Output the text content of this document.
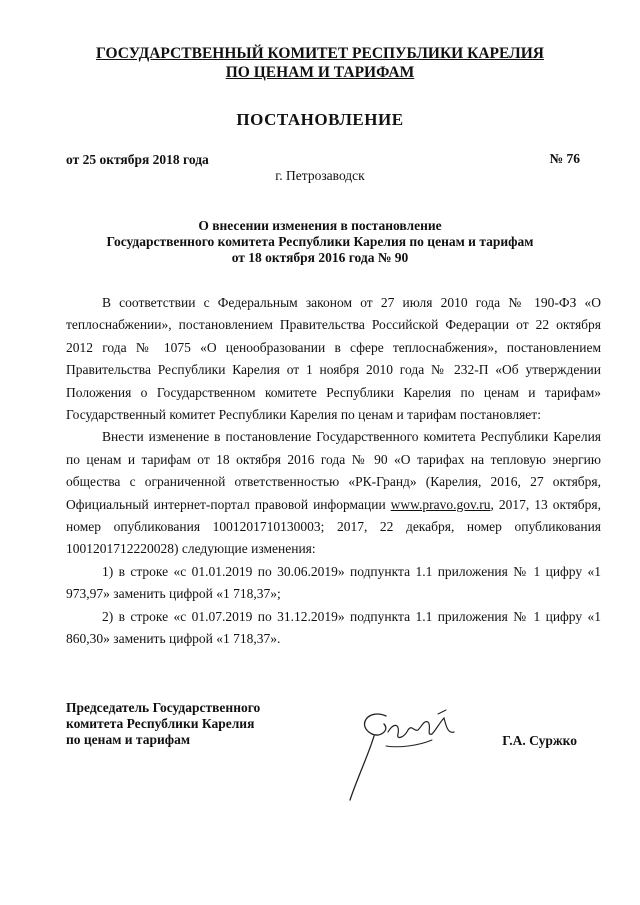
ГОСУДАРСТВЕННЫЙ КОМИТЕТ РЕСПУБЛИКИ КАРЕЛИЯ
ПО ЦЕНАМ И ТАРИФАМ
ПОСТАНОВЛЕНИЕ
от 25 октября 2018 года	№ 76
г. Петрозаводск
О внесении изменения в постановление
Государственного комитета Республики Карелия по ценам и тарифам
от 18 октября 2016 года № 90

В соответствии с Федеральным законом от 27 июля 2010 года № 190-ФЗ «О теплоснабжении», постановлением Правительства Российской Федерации от 22 октября 2012 года № 1075 «О ценообразовании в сфере теплоснабжения», постановлением Правительства Республики Карелия от 1 ноября 2010 года № 232-П «Об утверждении Положения о Государственном комитете Республики Карелия по ценам и тарифам» Государственный комитет Республики Карелия по ценам и тарифам постановляет:

Внести изменение в постановление Государственного комитета Республики Карелия по ценам и тарифам от 18 октября 2016 года № 90 «О тарифах на тепловую энергию общества с ограниченной ответственностью «РК-Гранд» (Карелия, 2016, 27 октября, Официальный интернет-портал правовой информации www.pravo.gov.ru, 2017, 13 октября, номер опубликования 1001201710130003; 2017, 22 декабря, номер опубликования 1001201712220028) следующие изменения:

1) в строке «с 01.01.2019 по 30.06.2019» подпункта 1.1 приложения № 1 цифру «1 973,97» заменить цифрой «1 718,37»;

2) в строке «с 01.07.2019 по 31.12.2019» подпункта 1.1 приложения № 1 цифру «1 860,30» заменить цифрой «1 718,37».

Председатель Государственного
комитета Республики Карелия
по ценам и тарифам	Г.А. Суржко
